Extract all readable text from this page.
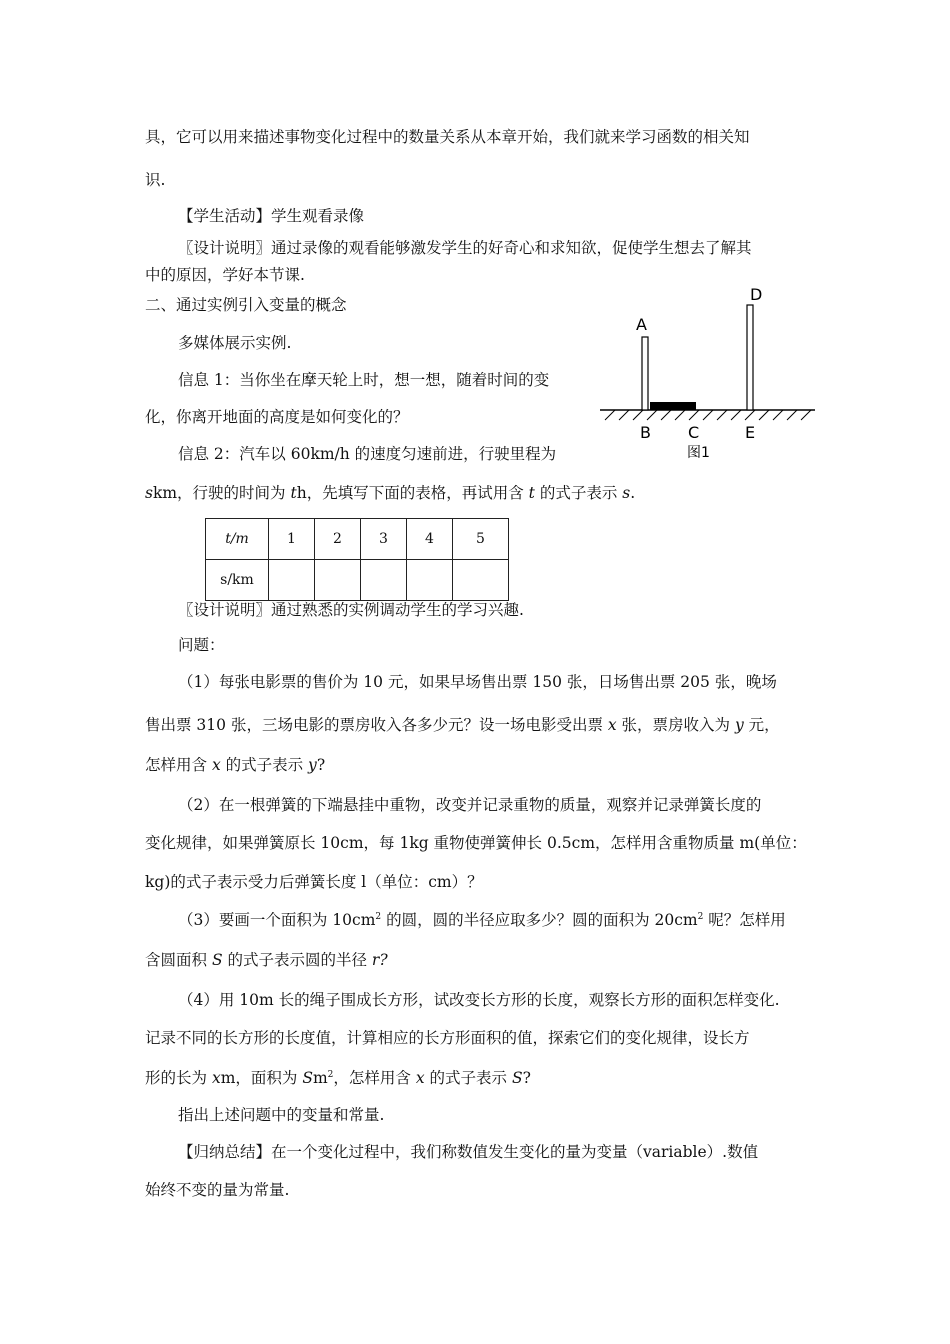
具，它可以用来描述事物变化过程中的数量关系从本章开始，我们就来学习函数的相关知
识.
【学生活动】学生观看录像
〖设计说明〗通过录像的观看能够激发学生的好奇心和求知欲，促使学生想去了解其
中的原因，学好本节课.
二、通过实例引入变量的概念
多媒体展示实例.
信息 1：当你坐在摩天轮上时，想一想，随着时间的变
化，你离开地面的高度是如何变化的？
信息 2：汽车以 60km/h 的速度匀速前进，行驶里程为
skm，行驶的时间为 th，先填写下面的表格，再试用含 t 的式子表示 s.
A
B C
D
E
图1
t/m	1	2	3	4	5
s/km					
〖设计说明〗通过熟悉的实例调动学生的学习兴趣.
问题：
（1）每张电影票的售价为 10 元，如果早场售出票 150 张，日场售出票 205 张，晚场
售出票 310 张，三场电影的票房收入各多少元？设一场电影受出票 x 张，票房收入为 y 元，
怎样用含 x 的式子表示 y?
（2）在一根弹簧的下端悬挂中重物，改变并记录重物的质量，观察并记录弹簧长度的
变化规律，如果弹簧原长 10cm，每 1kg 重物使弹簧伸长 0.5cm，怎样用含重物质量 m(单位：
kg)的式子表示受力后弹簧长度 l（单位：cm）？
（3）要画一个面积为 $10cm^2$ 的圆，圆的半径应取多少？圆的面积为 $20cm^2$ 呢？怎样用
含圆面积 S 的式子表示圆的半径 r?
（4）用 10m 长的绳子围成长方形，试改变长方形的长度，观察长方形的面积怎样变化.
记录不同的长方形的长度值，计算相应的长方形面积的值，探索它们的变化规律，设长方
形的长为 xm，面积为 Sm$^2$，怎样用含 x 的式子表示 S?
指出上述问题中的变量和常量.
【归纳总结】在一个变化过程中，我们称数值发生变化的量为变量（variable）.数值
始终不变的量为常量.
